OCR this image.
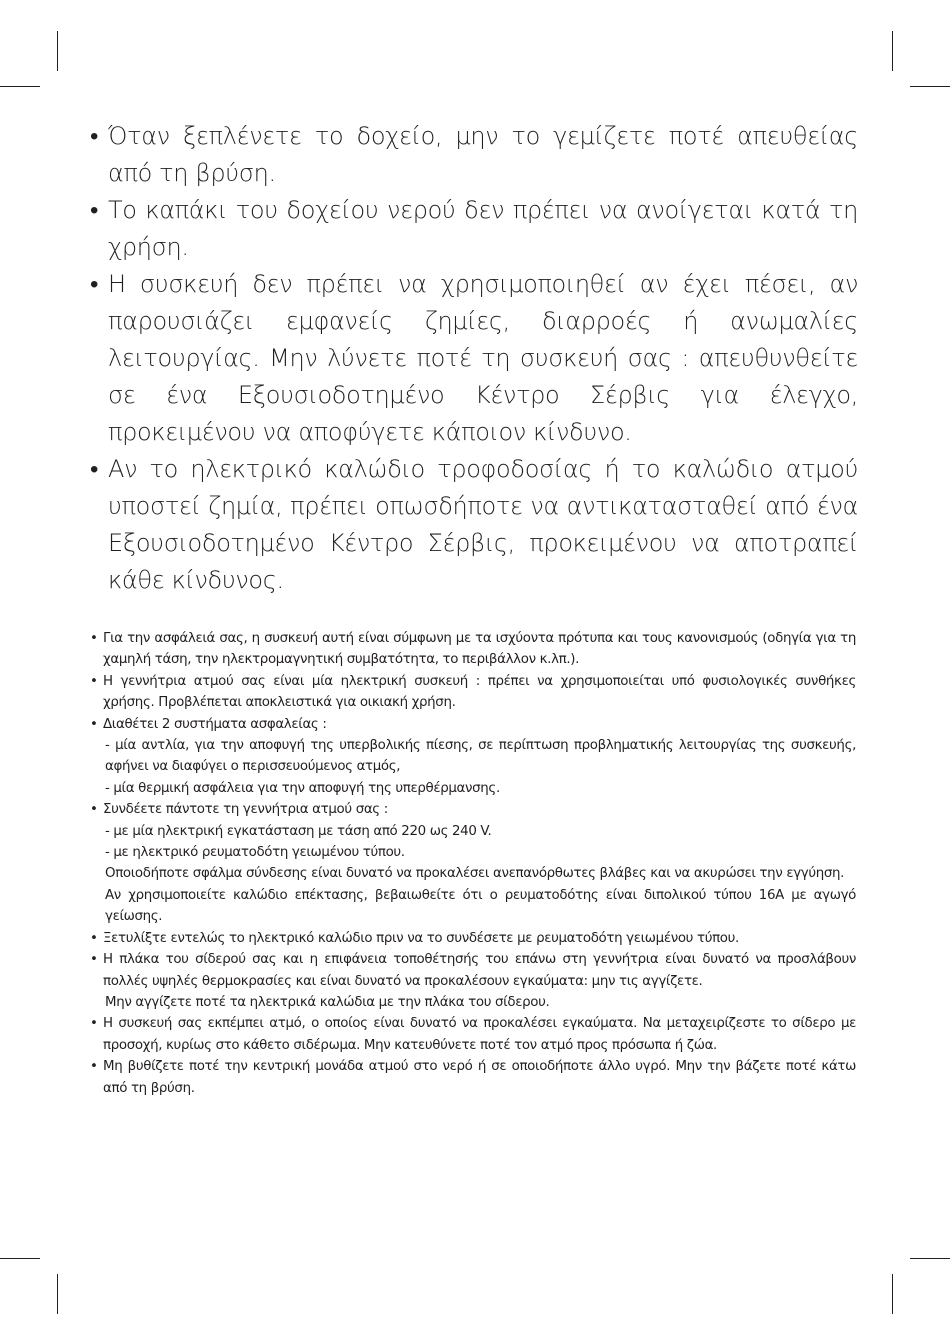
• Όταν ξεπλένετε το δοχείο, μην το γεμίζετε ποτέ απευθείας από τη βρύση.
• Το καπάκι του δοχείου νερού δεν πρέπει να ανοίγεται κατά τη χρήση.
• Η συσκευή δεν πρέπει να χρησιμοποιηθεί αν έχει πέσει, αν παρουσιάζει εμφανείς ζημίες, διαρροές ή ανωμαλίες λειτουργίας. Μην λύνετε ποτέ τη συσκευή σας : απευθυνθείτε σε ένα Εξουσιοδοτημένο Κέντρο Σέρβις για έλεγχο, προκειμένου να αποφύγετε κάποιον κίνδυνο.
• Αν το ηλεκτρικό καλώδιο τροφοδοσίας ή το καλώδιο ατμού υποστεί ζημία, πρέπει οπωσδήποτε να αντικατασταθεί από ένα Εξουσιοδοτημένο Κέντρο Σέρβις, προκειμένου να αποτραπεί κάθε κίνδυνος.
• Για την ασφάλειά σας, η συσκευή αυτή είναι σύμφωνη με τα ισχύοντα πρότυπα και τους κανονισμούς (οδηγία για τη χαμηλή τάση, την ηλεκτρομαγνητική συμβατότητα, το περιβάλλον κ.λπ.).
• Η γεννήτρια ατμού σας είναι μία ηλεκτρική συσκευή : πρέπει να χρησιμοποιείται υπό φυσιολογικές συνθήκες χρήσης. Προβλέπεται αποκλειστικά για οικιακή χρήση.
• Διαθέτει 2 συστήματα ασφαλείας :
- μία αντλία, για την αποφυγή της υπερβολικής πίεσης, σε περίπτωση προβληματικής λειτουργίας της συσκευής, αφήνει να διαφύγει ο περισσευούμενος ατμός,
- μία θερμική ασφάλεια για την αποφυγή της υπερθέρμανσης.
• Συνδέετε πάντοτε τη γεννήτρια ατμού σας :
- με μία ηλεκτρική εγκατάσταση με τάση από 220 ως 240 V.
- με ηλεκτρικό ρευματοδότη γειωμένου τύπου.
Οποιοδήποτε σφάλμα σύνδεσης είναι δυνατό να προκαλέσει ανεπανόρθωτες βλάβες και να ακυρώσει την εγγύηση.
Αν χρησιμοποιείτε καλώδιο επέκτασης, βεβαιωθείτε ότι ο ρευματοδότης είναι διπολικού τύπου 16A με αγωγό γείωσης.
• Ξετυλίξτε εντελώς το ηλεκτρικό καλώδιο πριν να το συνδέσετε με ρευματοδότη γειωμένου τύπου.
• Η πλάκα του σίδερού σας και η επιφάνεια τοποθέτησής του επάνω στη γεννήτρια είναι δυνατό να προσλάβουν πολλές υψηλές θερμοκρασίες και είναι δυνατό να προκαλέσουν εγκαύματα: μην τις αγγίζετε.
Μην αγγίζετε ποτέ τα ηλεκτρικά καλώδια με την πλάκα του σίδερου.
• Η συσκευή σας εκπέμπει ατμό, ο οποίος είναι δυνατό να προκαλέσει εγκαύματα. Να μεταχειρίζεστε το σίδερο με προσοχή, κυρίως στο κάθετο σιδέρωμα. Μην κατευθύνετε ποτέ τον ατμό προς πρόσωπα ή ζώα.
• Μη βυθίζετε ποτέ την κεντρική μονάδα ατμού στο νερό ή σε οποιοδήποτε άλλο υγρό. Μην την βάζετε ποτέ κάτω από τη βρύση.
